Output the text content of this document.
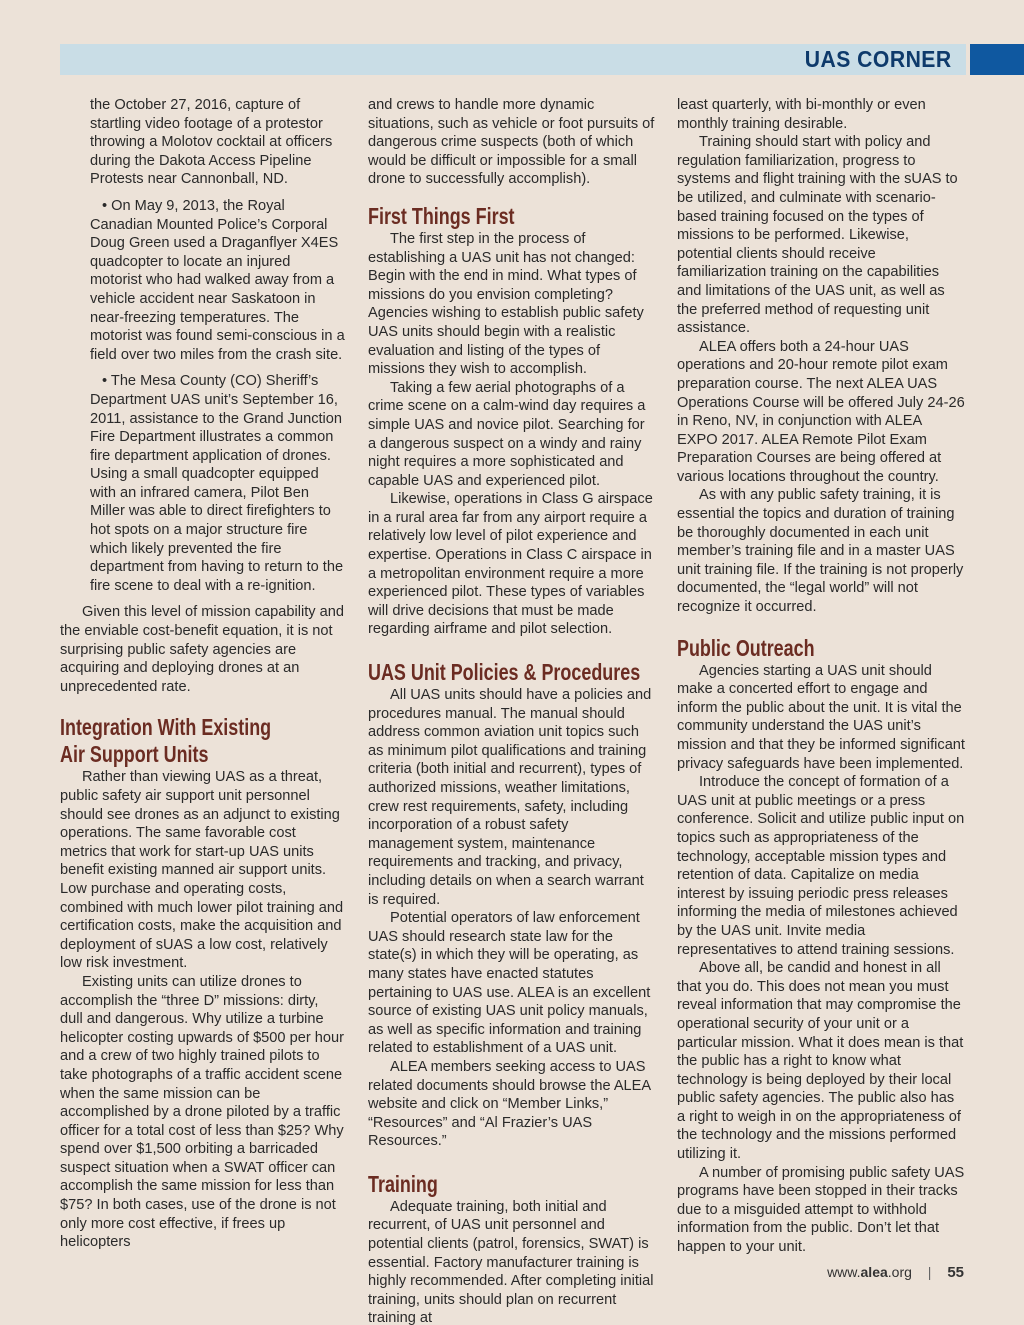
UAS CORNER

the October 27, 2016, capture of startling video footage of a protestor throwing a Molotov cocktail at officers during the Dakota Access Pipeline Protests near Cannonball, ND.

• On May 9, 2013, the Royal Canadian Mounted Police’s Corporal Doug Green used a Draganflyer X4ES quadcopter to locate an injured motorist who had walked away from a vehicle accident near Saskatoon in near-freezing temperatures. The motorist was found semi-conscious in a field over two miles from the crash site.

• The Mesa County (CO) Sheriff’s Department UAS unit’s September 16, 2011, assistance to the Grand Junction Fire Department illustrates a common fire department application of drones. Using a small quadcopter equipped with an infrared camera, Pilot Ben Miller was able to direct firefighters to hot spots on a major structure fire which likely prevented the fire department from having to return to the fire scene to deal with a re-ignition.

Given this level of mission capability and the enviable cost-benefit equation, it is not surprising public safety agencies are acquiring and deploying drones at an unprecedented rate.

Integration With Existing
Air Support Units

Rather than viewing UAS as a threat, public safety air support unit personnel should see drones as an adjunct to existing operations. The same favorable cost metrics that work for start-up UAS units benefit existing manned air support units. Low purchase and operating costs, combined with much lower pilot training and certification costs, make the acquisition and deployment of sUAS a low cost, relatively low risk investment.

Existing units can utilize drones to accomplish the “three D” missions: dirty, dull and dangerous. Why utilize a turbine helicopter costing upwards of $500 per hour and a crew of two highly trained pilots to take photographs of a traffic accident scene when the same mission can be accomplished by a drone piloted by a traffic officer for a total cost of less than $25? Why spend over $1,500 orbiting a barricaded suspect situation when a SWAT officer can accomplish the same mission for less than $75? In both cases, use of the drone is not only more cost effective, if frees up helicopters

and crews to handle more dynamic situations, such as vehicle or foot pursuits of dangerous crime suspects (both of which would be difficult or impossible for a small drone to successfully accomplish).

First Things First

The first step in the process of establishing a UAS unit has not changed: Begin with the end in mind. What types of missions do you envision completing? Agencies wishing to establish public safety UAS units should begin with a realistic evaluation and listing of the types of missions they wish to accomplish.

Taking a few aerial photographs of a crime scene on a calm-wind day requires a simple UAS and novice pilot. Searching for a dangerous suspect on a windy and rainy night requires a more sophisticated and capable UAS and experienced pilot.

Likewise, operations in Class G airspace in a rural area far from any airport require a relatively low level of pilot experience and expertise. Operations in Class C airspace in a metropolitan environment require a more experienced pilot. These types of variables will drive decisions that must be made regarding airframe and pilot selection.

UAS Unit Policies & Procedures

All UAS units should have a policies and procedures manual. The manual should address common aviation unit topics such as minimum pilot qualifications and training criteria (both initial and recurrent), types of authorized missions, weather limitations, crew rest requirements, safety, including incorporation of a robust safety management system, maintenance requirements and tracking, and privacy, including details on when a search warrant is required.

Potential operators of law enforcement UAS should research state law for the state(s) in which they will be operating, as many states have enacted statutes pertaining to UAS use. ALEA is an excellent source of existing UAS unit policy manuals, as well as specific information and training related to establishment of a UAS unit.

ALEA members seeking access to UAS related documents should browse the ALEA website and click on “Member Links,” “Resources” and “Al Frazier’s UAS Resources.”

Training

Adequate training, both initial and recurrent, of UAS unit personnel and potential clients (patrol, forensics, SWAT) is essential. Factory manufacturer training is highly recommended. After completing initial training, units should plan on recurrent training at

least quarterly, with bi-monthly or even monthly training desirable.

Training should start with policy and regulation familiarization, progress to systems and flight training with the sUAS to be utilized, and culminate with scenario-based training focused on the types of missions to be performed. Likewise, potential clients should receive familiarization training on the capabilities and limitations of the UAS unit, as well as the preferred method of requesting unit assistance.

ALEA offers both a 24-hour UAS operations and 20-hour remote pilot exam preparation course. The next ALEA UAS Operations Course will be offered July 24-26 in Reno, NV, in conjunction with ALEA EXPO 2017. ALEA Remote Pilot Exam Preparation Courses are being offered at various locations throughout the country.

As with any public safety training, it is essential the topics and duration of training be thoroughly documented in each unit member’s training file and in a master UAS unit training file. If the training is not properly documented, the “legal world” will not recognize it occurred.

Public Outreach

Agencies starting a UAS unit should make a concerted effort to engage and inform the public about the unit. It is vital the community understand the UAS unit’s mission and that they be informed significant privacy safeguards have been implemented.

Introduce the concept of formation of a UAS unit at public meetings or a press conference. Solicit and utilize public input on topics such as appropriateness of the technology, acceptable mission types and retention of data. Capitalize on media interest by issuing periodic press releases informing the media of milestones achieved by the UAS unit. Invite media representatives to attend training sessions.

Above all, be candid and honest in all that you do. This does not mean you must reveal information that may compromise the operational security of your unit or a particular mission. What it does mean is that the public has a right to know what technology is being deployed by their local public safety agencies. The public also has a right to weigh in on the appropriateness of the technology and the missions performed utilizing it.

A number of promising public safety UAS programs have been stopped in their tracks due to a misguided attempt to withhold information from the public. Don’t let that happen to your unit.

www.alea.org | 55
